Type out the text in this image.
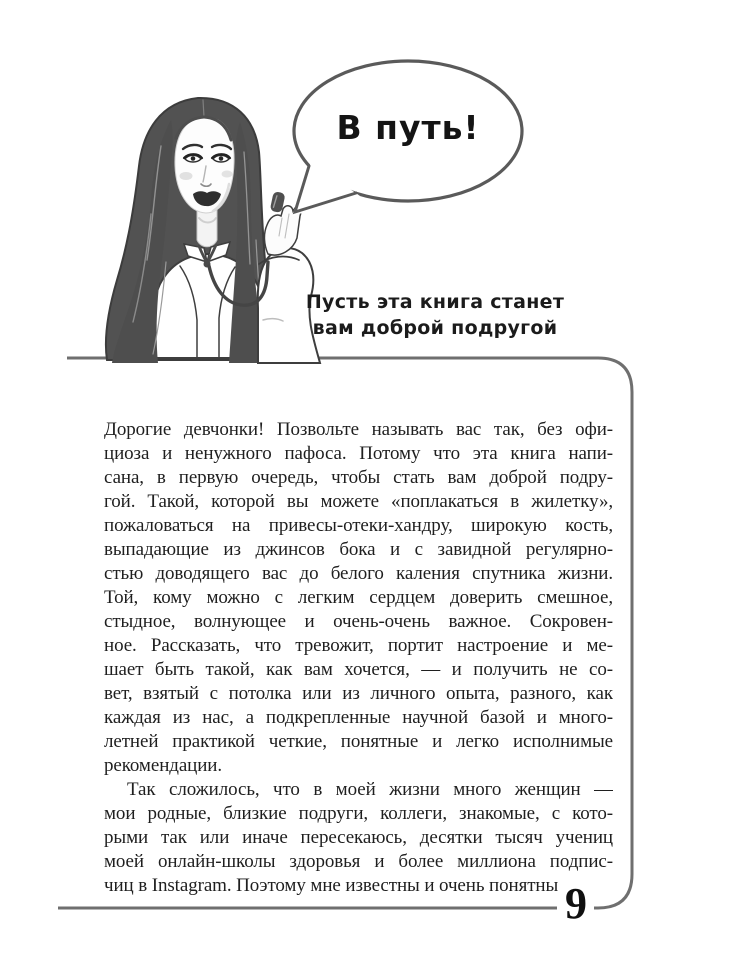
В путь!
Пусть эта книга станет
вам доброй подругой
Дорогие девчонки! Позвольте называть вас так, без офи-
циоза и ненужного пафоса. Потому что эта книга напи-
сана, в первую очередь, чтобы стать вам доброй подру-
гой. Такой, которой вы можете «поплакаться в жилетку»,
пожаловаться на привесы-отеки-хандру, широкую кость,
выпадающие из джинсов бока и с завидной регулярно-
стью доводящего вас до белого каления спутника жизни.
Той, кому можно с легким сердцем доверить смешное,
стыдное, волнующее и очень-очень важное. Сокровен-
ное. Рассказать, что тревожит, портит настроение и ме-
шает быть такой, как вам хочется, — и получить не со-
вет, взятый с потолка или из личного опыта, разного, как
каждая из нас, а подкрепленные научной базой и много-
летней практикой четкие, понятные и легко исполнимые
рекомендации.
Так сложилось, что в моей жизни много женщин —
мои родные, близкие подруги, коллеги, знакомые, с кото-
рыми так или иначе пересекаюсь, десятки тысяч учениц
моей онлайн-школы здоровья и более миллиона подпис-
чиц в Instagram. Поэтому мне известны и очень понятны 9
